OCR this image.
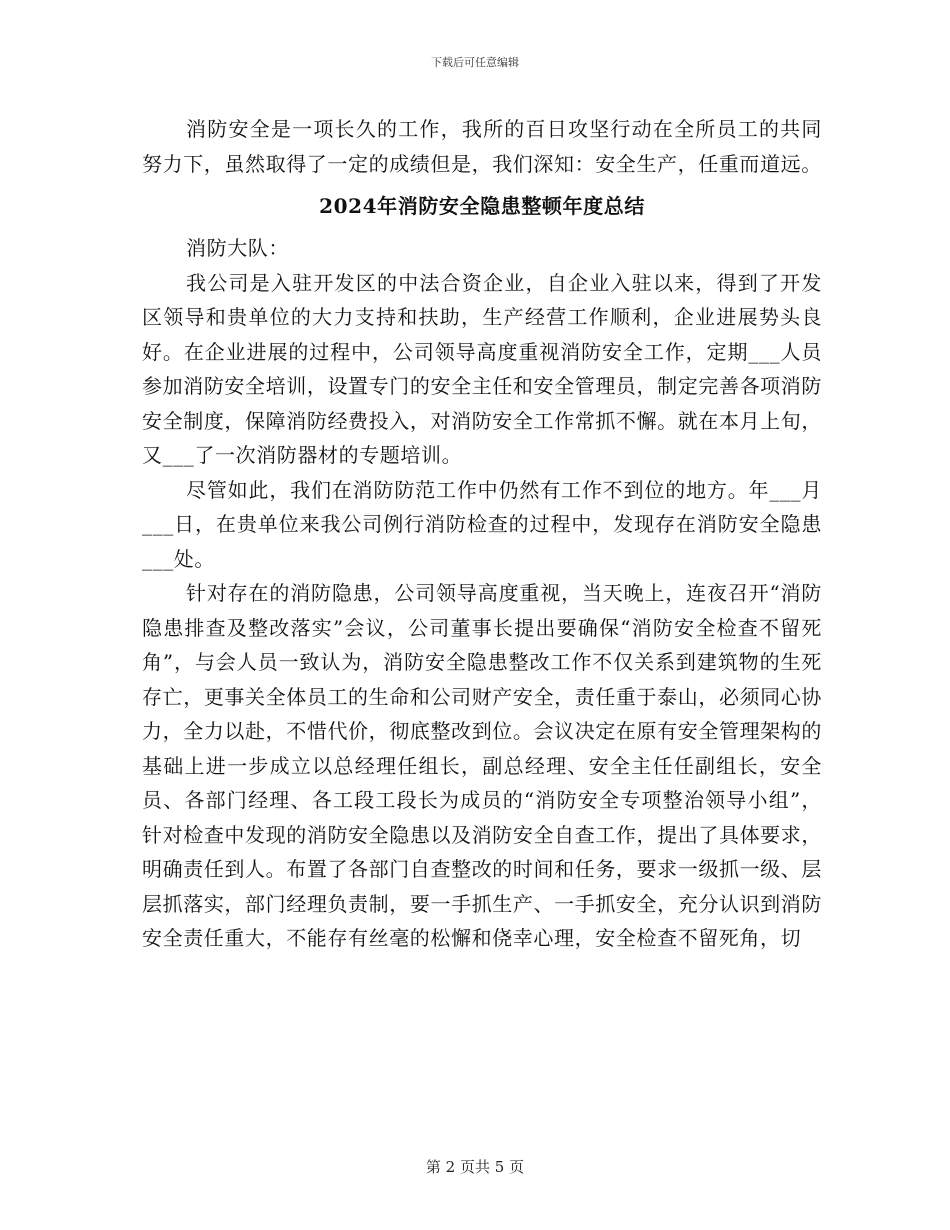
下载后可任意编辑

消防安全是一项长久的工作，我所的百日攻坚行动在全所员工的共同努力下，虽然取得了一定的成绩但是，我们深知：安全生产，任重而道远。

2024年消防安全隐患整顿年度总结

消防大队：

我公司是入驻开发区的中法合资企业，自企业入驻以来，得到了开发区领导和贵单位的大力支持和扶助，生产经营工作顺利，企业进展势头良好。在企业进展的过程中，公司领导高度重视消防安全工作，定期___人员参加消防安全培训，设置专门的安全主任和安全管理员，制定完善各项消防安全制度，保障消防经费投入，对消防安全工作常抓不懈。就在本月上旬，又___了一次消防器材的专题培训。

尽管如此，我们在消防防范工作中仍然有工作不到位的地方。年___月___日，在贵单位来我公司例行消防检查的过程中，发现存在消防安全隐患___处。

针对存在的消防隐患，公司领导高度重视，当天晚上，连夜召开“消防隐患排查及整改落实”会议，公司董事长提出要确保“消防安全检查不留死角”，与会人员一致认为，消防安全隐患整改工作不仅关系到建筑物的生死存亡，更事关全体员工的生命和公司财产安全，责任重于泰山，必须同心协力，全力以赴，不惜代价，彻底整改到位。会议决定在原有安全管理架构的基础上进一步成立以总经理任组长，副总经理、安全主任任副组长，安全员、各部门经理、各工段工段长为成员的“消防安全专项整治领导小组”，针对检查中发现的消防安全隐患以及消防安全自查工作，提出了具体要求，明确责任到人。布置了各部门自查整改的时间和任务，要求一级抓一级、层层抓落实，部门经理负责制，要一手抓生产、一手抓安全，充分认识到消防安全责任重大，不能存有丝毫的松懈和侥幸心理，安全检查不留死角，切

第 2 页共 5 页
